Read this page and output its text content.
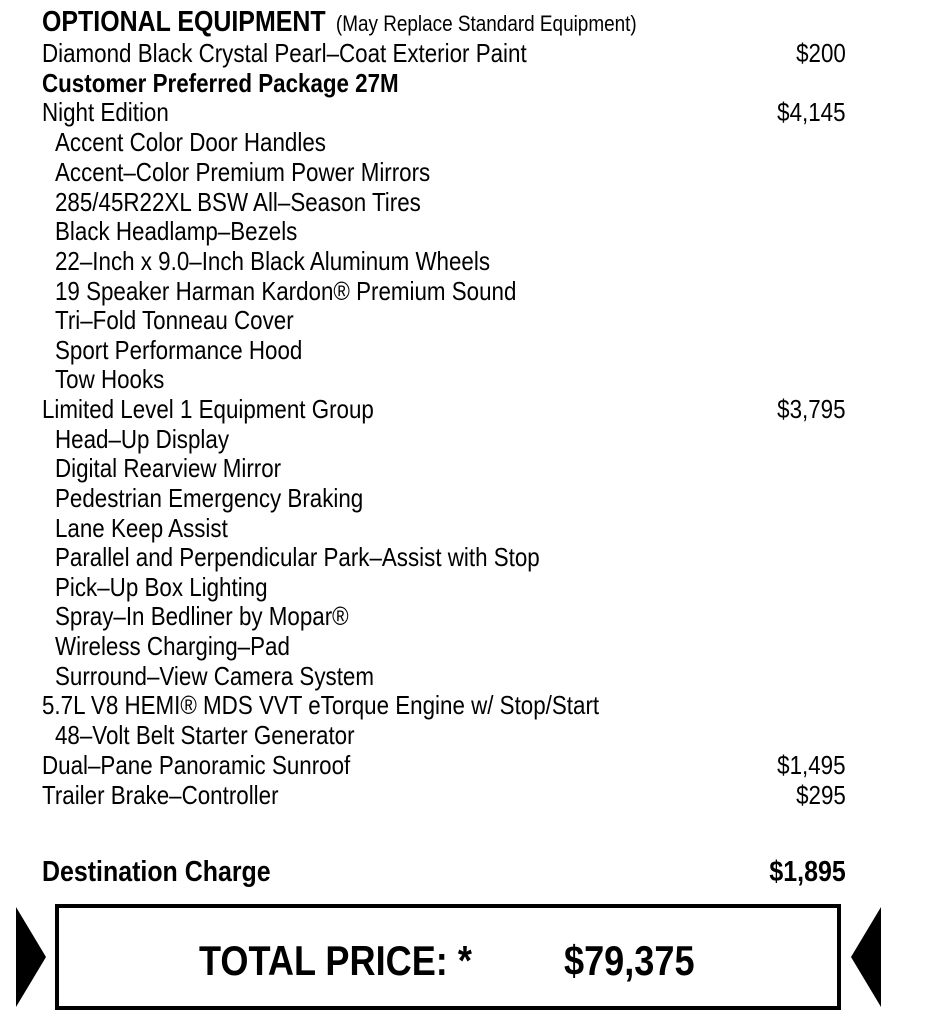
OPTIONAL EQUIPMENT (May Replace Standard Equipment)
Diamond Black Crystal Pearl–Coat Exterior Paint	$200
Customer Preferred Package 27M
Night Edition	$4,145
Accent Color Door Handles
Accent–Color Premium Power Mirrors
285/45R22XL BSW All–Season Tires
Black Headlamp–Bezels
22–Inch x 9.0–Inch Black Aluminum Wheels
19 Speaker Harman Kardon® Premium Sound
Tri–Fold Tonneau Cover
Sport Performance Hood
Tow Hooks
Limited Level 1 Equipment Group	$3,795
Head–Up Display
Digital Rearview Mirror
Pedestrian Emergency Braking
Lane Keep Assist
Parallel and Perpendicular Park–Assist with Stop
Pick–Up Box Lighting
Spray–In Bedliner by Mopar®
Wireless Charging–Pad
Surround–View Camera System
5.7L V8 HEMI® MDS VVT eTorque Engine w/ Stop/Start
48–Volt Belt Starter Generator
Dual–Pane Panoramic Sunroof	$1,495
Trailer Brake–Controller	$295
Destination Charge	$1,895
TOTAL PRICE: * $79,375
